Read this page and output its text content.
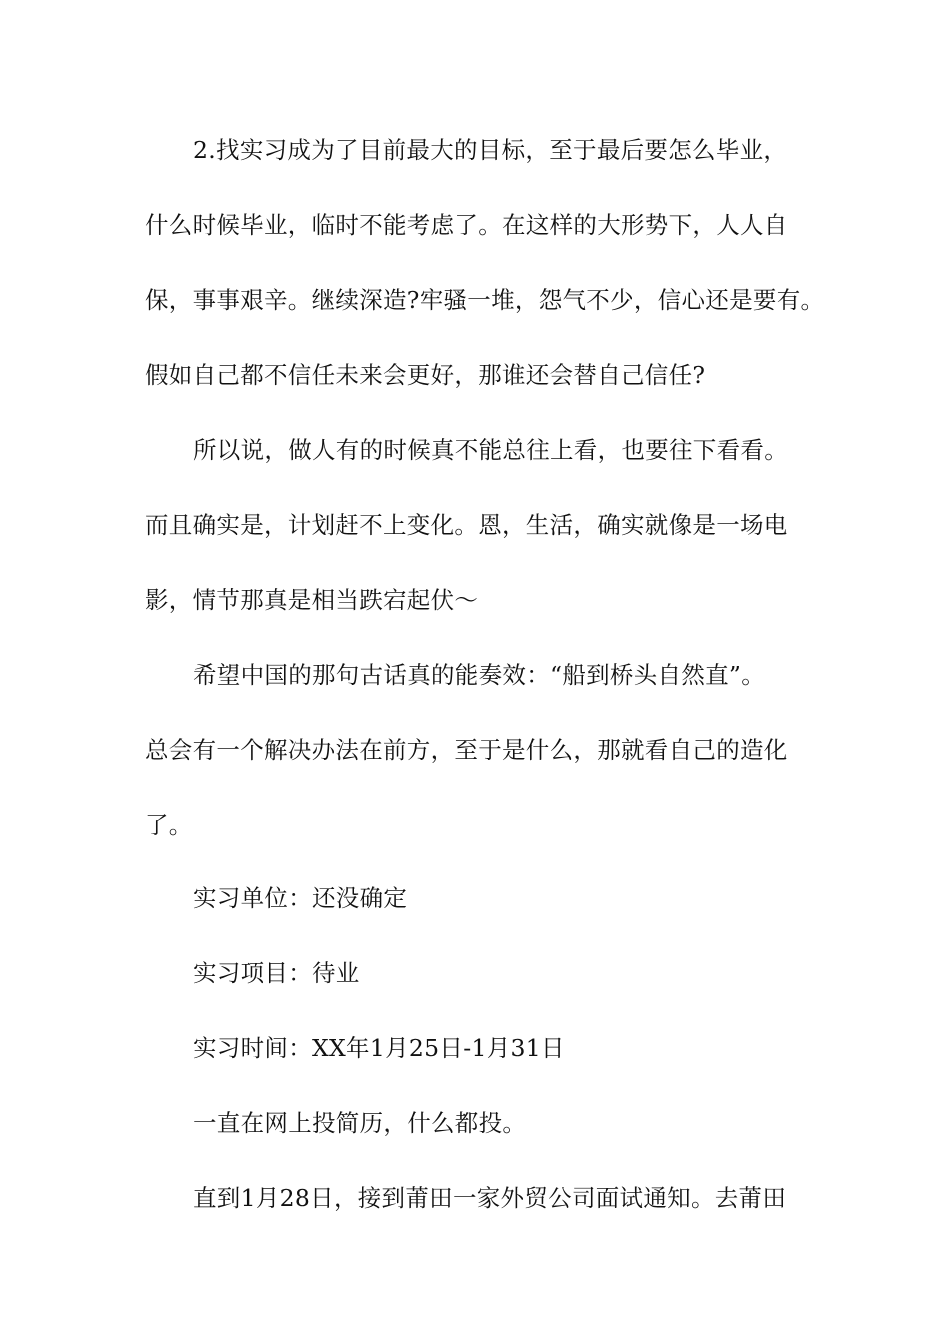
2.找实习成为了目前最大的目标，至于最后要怎么毕业，
什么时候毕业，临时不能考虑了。在这样的大形势下，人人自
保，事事艰辛。继续深造?牢骚一堆，怨气不少，信心还是要有。
假如自己都不信任未来会更好，那谁还会替自己信任?
所以说，做人有的时候真不能总往上看，也要往下看看。
而且确实是，计划赶不上变化。恩，生活，确实就像是一场电
影，情节那真是相当跌宕起伏～
希望中国的那句古话真的能奏效：“船到桥头自然直”。
总会有一个解决办法在前方，至于是什么，那就看自己的造化
了。
实习单位：还没确定
实习项目：待业
实习时间：XX年1月25日-1月31日
一直在网上投简历，什么都投。
直到1月28日，接到莆田一家外贸公司面试通知。去莆田
